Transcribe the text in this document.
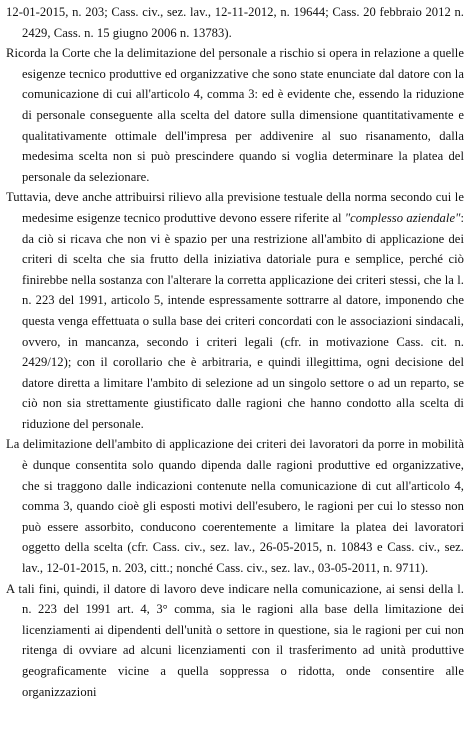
12-01-2015, n. 203; Cass. civ., sez. lav., 12-11-2012, n. 19644; Cass. 20 febbraio 2012 n. 2429, Cass. n. 15 giugno 2006 n. 13783).

Ricorda la Corte che la delimitazione del personale a rischio si opera in relazione a quelle esigenze tecnico produttive ed organizzative che sono state enunciate dal datore con la comunicazione di cui all'articolo 4, comma 3: ed è evidente che, essendo la riduzione di personale conseguente alla scelta del datore sulla dimensione quantitativamente e qualitativamente ottimale dell'impresa per addivenire al suo risanamento, dalla medesima scelta non si può prescindere quando si voglia determinare la platea del personale da selezionare.

Tuttavia, deve anche attribuirsi rilievo alla previsione testuale della norma secondo cui le medesime esigenze tecnico produttive devono essere riferite al "complesso aziendale": da ciò si ricava che non vi è spazio per una restrizione all'ambito di applicazione dei criteri di scelta che sia frutto della iniziativa datoriale pura e semplice, perché ciò finirebbe nella sostanza con l'alterare la corretta applicazione dei criteri stessi, che la l. n. 223 del 1991, articolo 5, intende espressamente sottrarre al datore, imponendo che questa venga effettuata o sulla base dei criteri concordati con le associazioni sindacali, ovvero, in mancanza, secondo i criteri legali (cfr. in motivazione Cass. cit. n. 2429/12); con il corollario che è arbitraria, e quindi illegittima, ogni decisione del datore diretta a limitare l'ambito di selezione ad un singolo settore o ad un reparto, se ciò non sia strettamente giustificato dalle ragioni che hanno condotto alla scelta di riduzione del personale.

La delimitazione dell'ambito di applicazione dei criteri dei lavoratori da porre in mobilità è dunque consentita solo quando dipenda dalle ragioni produttive ed organizzative, che si traggono dalle indicazioni contenute nella comunicazione di cut all'articolo 4, comma 3, quando cioè gli esposti motivi dell'esubero, le ragioni per cui lo stesso non può essere assorbito, conducono coerentemente a limitare la platea dei lavoratori oggetto della scelta (cfr. Cass. civ., sez. lav., 26-05-2015, n. 10843 e Cass. civ., sez. lav., 12-01-2015, n. 203, citt.; nonché Cass. civ., sez. lav., 03-05-2011, n. 9711).

A tali fini, quindi, il datore di lavoro deve indicare nella comunicazione, ai sensi della l. n. 223 del 1991 art. 4, 3° comma, sia le ragioni alla base della limitazione dei licenziamenti ai dipendenti dell'unità o settore in questione, sia le ragioni per cui non ritenga di ovviare ad alcuni licenziamenti con il trasferimento ad unità produttive geograficamente vicine a quella soppressa o ridotta, onde consentire alle organizzazioni
